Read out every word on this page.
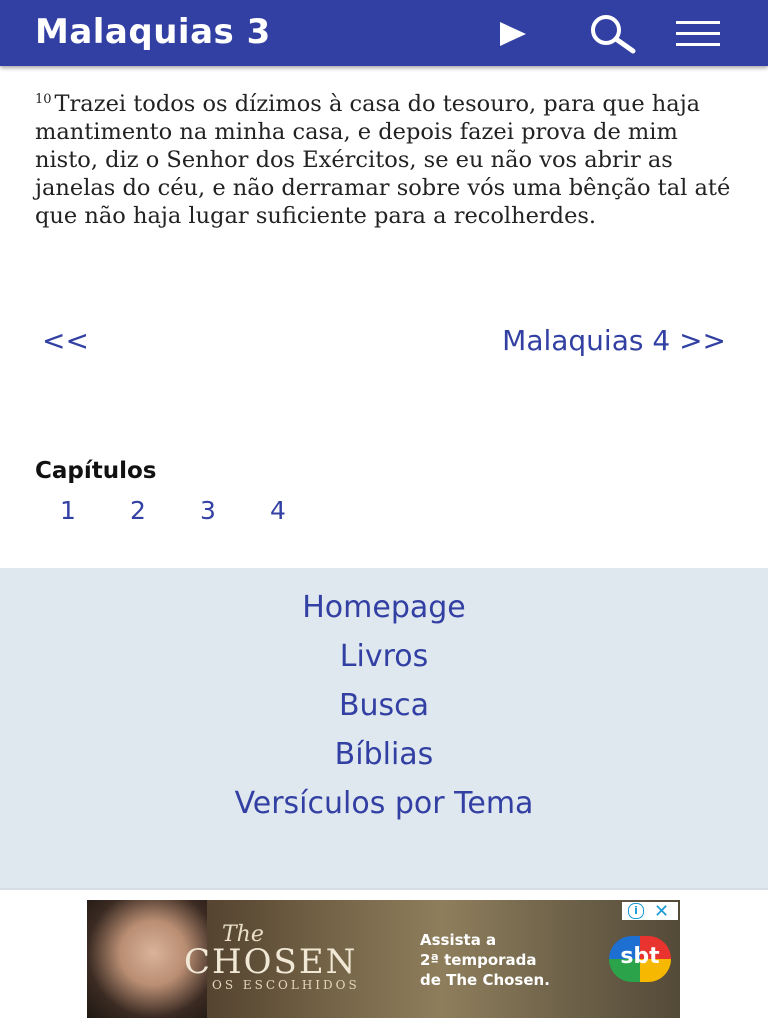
Malaquias 3
$^{10}$ Trazei todos os dízimos à casa do tesouro, para que haja mantimento na minha casa, e depois fazei prova de mim nisto, diz o Senhor dos Exércitos, se eu não vos abrir as janelas do céu, e não derramar sobre vós uma bênção tal até que não haja lugar suficiente para a recolherdes.
<<	Malaquias 4 >>
Capítulos
1	2	3	4
Homepage
Livros
Busca
Bíblias
Versículos por Tema
The
CHOSEN
OS ESCOLHIDOS
Assista a
2ª temporada
de The Chosen.
sbt
i ✕
